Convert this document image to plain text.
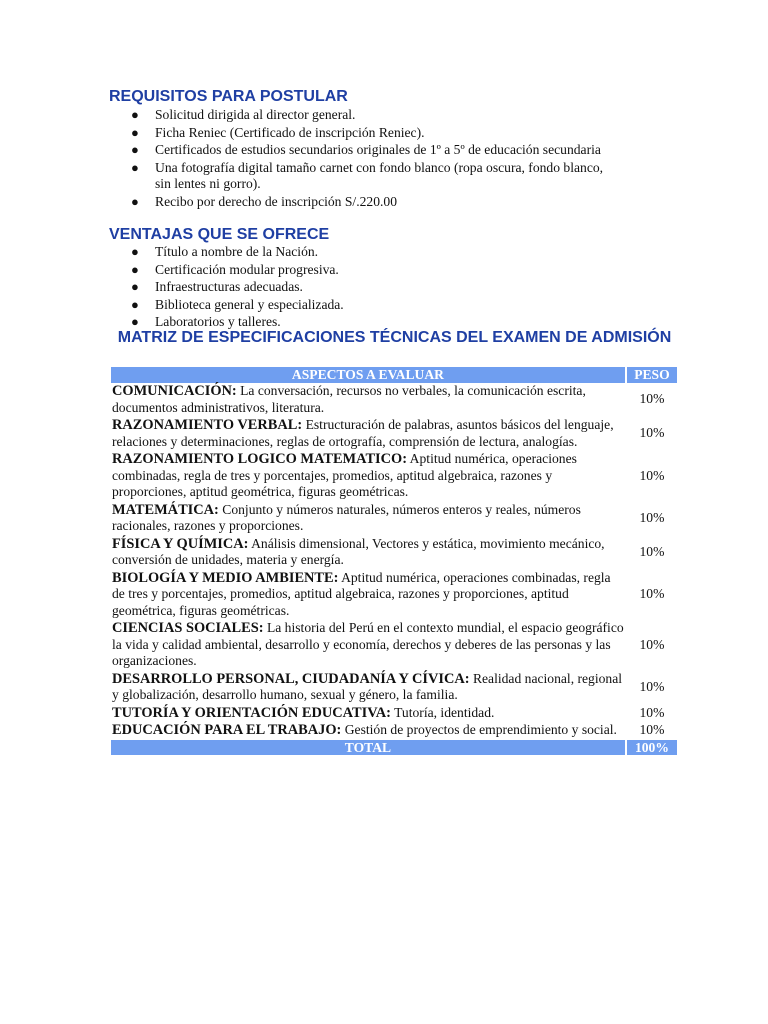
REQUISITOS PARA POSTULAR
● Solicitud dirigida al director general.
● Ficha Reniec (Certificado de inscripción Reniec).
● Certificados de estudios secundarios originales de 1º a 5º de educación secundaria
● Una fotografía digital tamaño carnet con fondo blanco (ropa oscura, fondo blanco, sin lentes ni gorro).
● Recibo por derecho de inscripción S/.220.00
VENTAJAS QUE SE OFRECE
● Título a nombre de la Nación.
● Certificación modular progresiva.
● Infraestructuras adecuadas.
● Biblioteca general y especializada.
● Laboratorios y talleres.
MATRIZ DE ESPECIFICACIONES TÉCNICAS DEL EXAMEN DE ADMISIÓN
ASPECTOS A EVALUAR	PESO
COMUNICACIÓN: La conversación, recursos no verbales, la comunicación escrita, documentos administrativos, literatura.	10%
RAZONAMIENTO VERBAL: Estructuración de palabras, asuntos básicos del lenguaje, relaciones y determinaciones, reglas de ortografía, comprensión de lectura, analogías.	10%
RAZONAMIENTO LOGICO MATEMATICO: Aptitud numérica, operaciones combinadas, regla de tres y porcentajes, promedios, aptitud algebraica, razones y proporciones, aptitud geométrica, figuras geométricas.	10%
MATEMÁTICA: Conjunto y números naturales, números enteros y reales, números racionales, razones y proporciones.	10%
FÍSICA Y QUÍMICA: Análisis dimensional, Vectores y estática, movimiento mecánico, conversión de unidades, materia y energía.	10%
BIOLOGÍA Y MEDIO AMBIENTE: Aptitud numérica, operaciones combinadas, regla de tres y porcentajes, promedios, aptitud algebraica, razones y proporciones, aptitud geométrica, figuras geométricas.	10%
CIENCIAS SOCIALES: La historia del Perú en el contexto mundial, el espacio geográfico la vida y calidad ambiental, desarrollo y economía, derechos y deberes de las personas y las organizaciones.	10%
DESARROLLO PERSONAL, CIUDADANÍA Y CÍVICA: Realidad nacional, regional y globalización, desarrollo humano, sexual y género, la familia.	10%
TUTORÍA Y ORIENTACIÓN EDUCATIVA: Tutoría, identidad.	10%
EDUCACIÓN PARA EL TRABAJO: Gestión de proyectos de emprendimiento y social.	10%
TOTAL	100%
